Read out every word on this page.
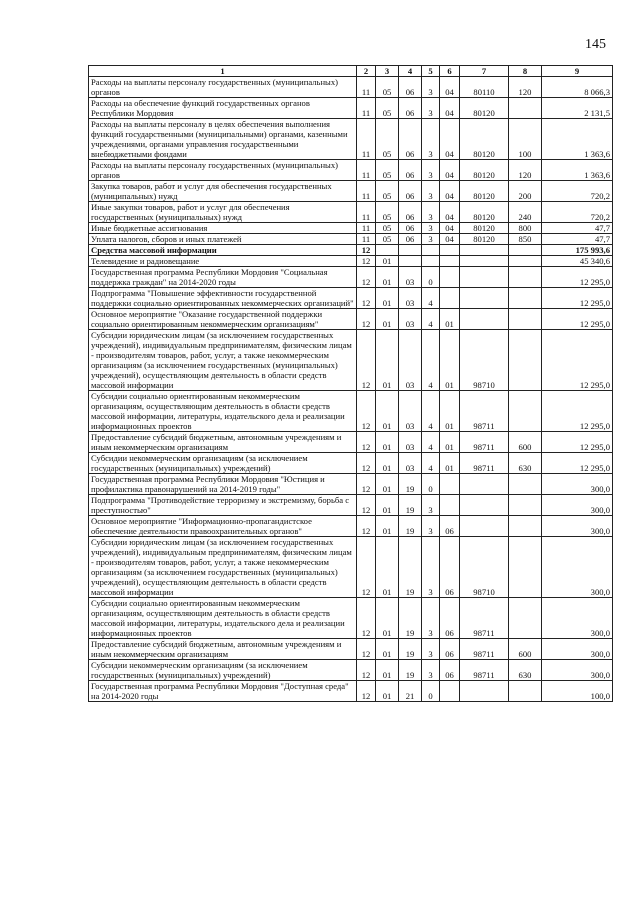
145
1	2	3	4	5	6	7	8	9
Расходы на выплаты персоналу государственных (муниципальных) органов	11	05	06	3	04	80110	120	8 066,3
Расходы на обеспечение функций государственных органов Республики Мордовия	11	05	06	3	04	80120		2 131,5
Расходы на выплаты персоналу в целях обеспечения выполнения функций государственными (муниципальными) органами, казенными учреждениями, органами управления государственными внебюджетными фондами	11	05	06	3	04	80120	100	1 363,6
Расходы на выплаты персоналу государственных (муниципальных) органов	11	05	06	3	04	80120	120	1 363,6
Закупка товаров, работ и услуг для обеспечения государственных (муниципальных) нужд	11	05	06	3	04	80120	200	720,2
Иные закупки товаров, работ и услуг для обеспечения государственных (муниципальных) нужд	11	05	06	3	04	80120	240	720,2
Иные бюджетные ассигнования	11	05	06	3	04	80120	800	47,7
Уплата налогов, сборов и иных платежей	11	05	06	3	04	80120	850	47,7
Средства массовой информации	12							175 993,6
Телевидение и радиовещание	12	01						45 340,6
Государственная программа Республики Мордовия "Социальная поддержка граждан" на 2014-2020 годы	12	01	03	0				12 295,0
Подпрограмма "Повышение эффективности государственной поддержки социально ориентированных некоммерческих организаций"	12	01	03	4				12 295,0
Основное мероприятие "Оказание государственной поддержки социально ориентированным некоммерческим организациям"	12	01	03	4	01			12 295,0
Субсидии юридическим лицам (за исключением государственных учреждений), индивидуальным предпринимателям, физическим лицам - производителям товаров, работ, услуг, а также некоммерческим организациям (за исключением государственных (муниципальных) учреждений), осуществляющим деятельность в области средств массовой информации	12	01	03	4	01	98710		12 295,0
Субсидии социально ориентированным некоммерческим организациям, осуществляющим деятельность в области средств массовой информации, литературы, издательского дела и реализации информационных проектов	12	01	03	4	01	98711		12 295,0
Предоставление субсидий бюджетным, автономным учреждениям и иным некоммерческим организациям	12	01	03	4	01	98711	600	12 295,0
Субсидии некоммерческим организациям (за исключением государственных (муниципальных) учреждений)	12	01	03	4	01	98711	630	12 295,0
Государственная программа Республики Мордовия "Юстиция и профилактика правонарушений на 2014-2019 годы"	12	01	19	0				300,0
Подпрограмма "Противодействие терроризму и экстремизму, борьба с преступностью"	12	01	19	3				300,0
Основное мероприятие "Информационно-пропагандистское обеспечение деятельности правоохранительных органов"	12	01	19	3	06			300,0
Субсидии юридическим лицам (за исключением государственных учреждений), индивидуальным предпринимателям, физическим лицам - производителям товаров, работ, услуг, а также некоммерческим организациям (за исключением государственных (муниципальных) учреждений), осуществляющим деятельность в области средств массовой информации	12	01	19	3	06	98710		300,0
Субсидии социально ориентированным некоммерческим организациям, осуществляющим деятельность в области средств массовой информации, литературы, издательского дела и реализации информационных проектов	12	01	19	3	06	98711		300,0
Предоставление субсидий бюджетным, автономным учреждениям и иным некоммерческим организациям	12	01	19	3	06	98711	600	300,0
Субсидии некоммерческим организациям (за исключением государственных (муниципальных) учреждений)	12	01	19	3	06	98711	630	300,0
Государственная программа Республики Мордовия "Доступная среда" на 2014-2020 годы	12	01	21	0				100,0
